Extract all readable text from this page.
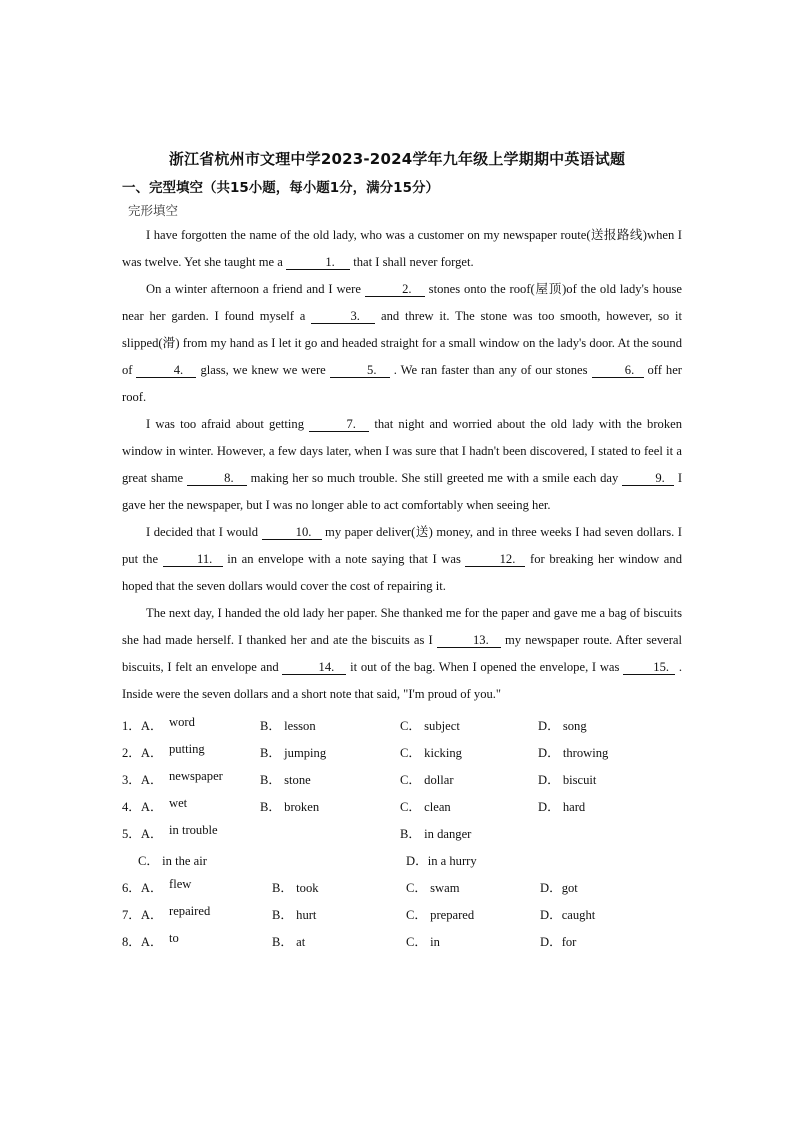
浙江省杭州市文理中学2023-2024学年九年级上学期期中英语试题
一、完型填空（共15小题，每小题1分，满分15分）
完形填空

I have forgotten the name of the old lady, who was a customer on my newspaper route(送报路线)when I was twelve. Yet she taught me a	1. that I shall never forget.

On a winter afternoon a friend and I were	2. stones onto the roof(屋顶)of the old lady's house near her garden. I found myself a	3. and threw it. The stone was too smooth, however, so it slipped(滑) from my hand as I let it go and headed straight for a small window on the lady's door. At the sound of	4. glass, we knew we were	5. . We ran faster than any of our stones	6. off her roof.

I was too afraid about getting	7. that night and worried about the old lady with the broken window in winter. However, a few days later, when I was sure that I hadn't been discovered, I stated to feel it a great shame	8. making her so much trouble. She still greeted me with a smile each day	9. I gave her the newspaper, but I was no longer able to act comfortably when seeing her.

I decided that I would	10. my paper deliver(送) money, and in three weeks I had seven dollars. I put the	11. in an envelope with a note saying that I was	12. for breaking her window and hoped that the seven dollars would cover the cost of repairing it.

The next day, I handed the old lady her paper. She thanked me for the paper and gave me a bag of biscuits she had made herself. I thanked her and ate the biscuits as I	13. my newspaper route. After several biscuits, I felt an envelope and	14. it out of the bag. When I opened the envelope, I was 15. . Inside were the seven dollars and a short note that said, "I'm proud of you."

1．A． word	B． lesson	C． subject	D． song
2．A． putting	B． jumping	C． kicking	D． throwing
3．A． newspaper	B． stone	C． dollar	D． biscuit
4．A． wet	B． broken	C． clean	D． hard
5．A． in trouble	B． in danger
C． in the air	D．in a hurry
6．A． flew	B． took	C． swam	D．got
7．A． repaired	B． hurt	C． prepared	D．caught
8．A． to	B． at	C． in	D．for
